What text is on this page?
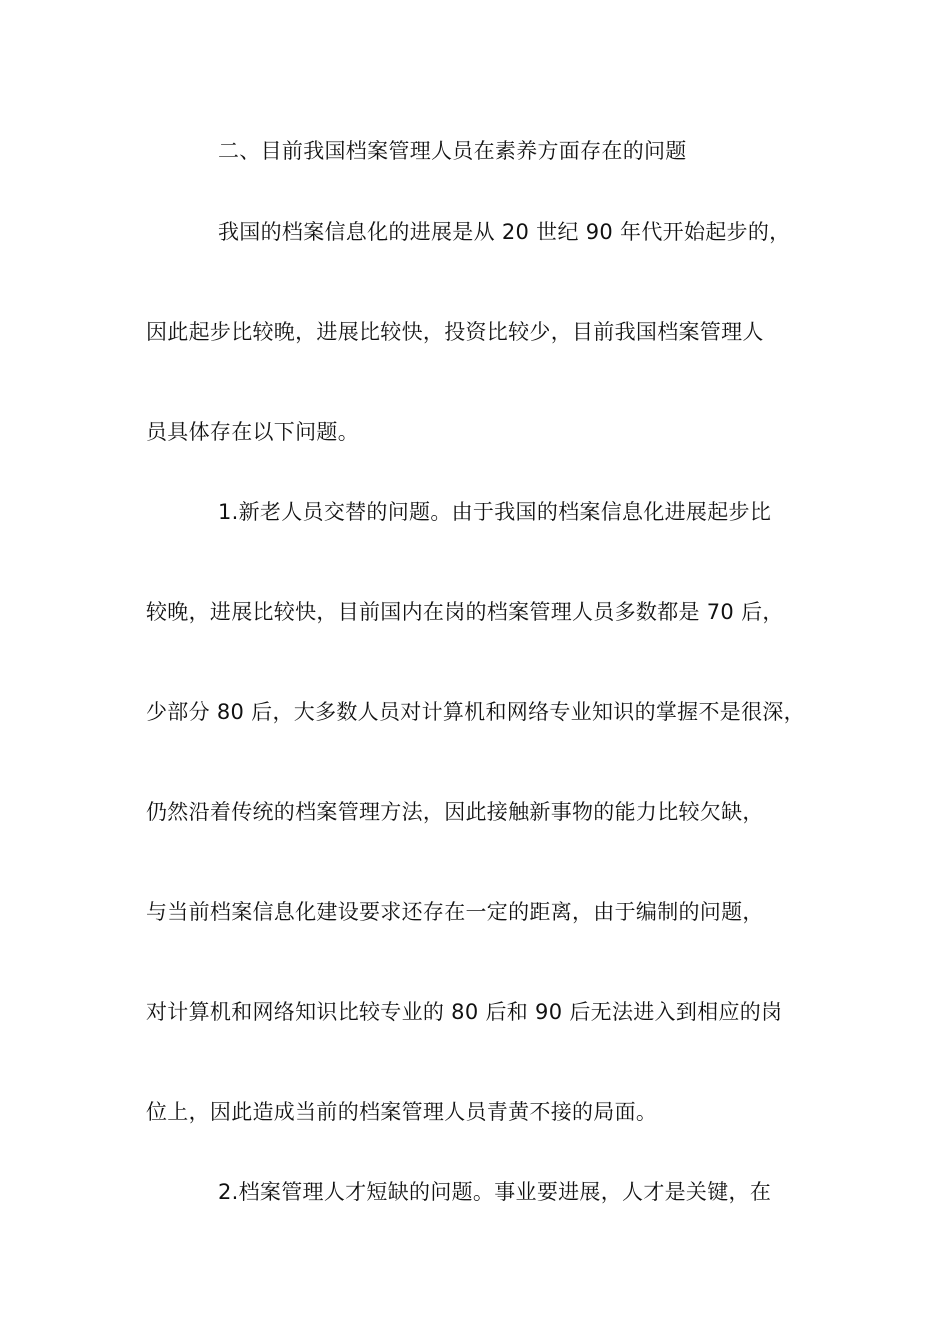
二、目前我国档案管理人员在素养方面存在的问题
我国的档案信息化的进展是从 20 世纪 90 年代开始起步的，
因此起步比较晚，进展比较快，投资比较少，目前我国档案管理人
员具体存在以下问题。
1.新老人员交替的问题。由于我国的档案信息化进展起步比
较晚，进展比较快，目前国内在岗的档案管理人员多数都是 70 后，
少部分 80 后，大多数人员对计算机和网络专业知识的掌握不是很深，
仍然沿着传统的档案管理方法，因此接触新事物的能力比较欠缺，
与当前档案信息化建设要求还存在一定的距离，由于编制的问题，
对计算机和网络知识比较专业的 80 后和 90 后无法进入到相应的岗
位上，因此造成当前的档案管理人员青黄不接的局面。
2.档案管理人才短缺的问题。事业要进展，人才是关键，在
